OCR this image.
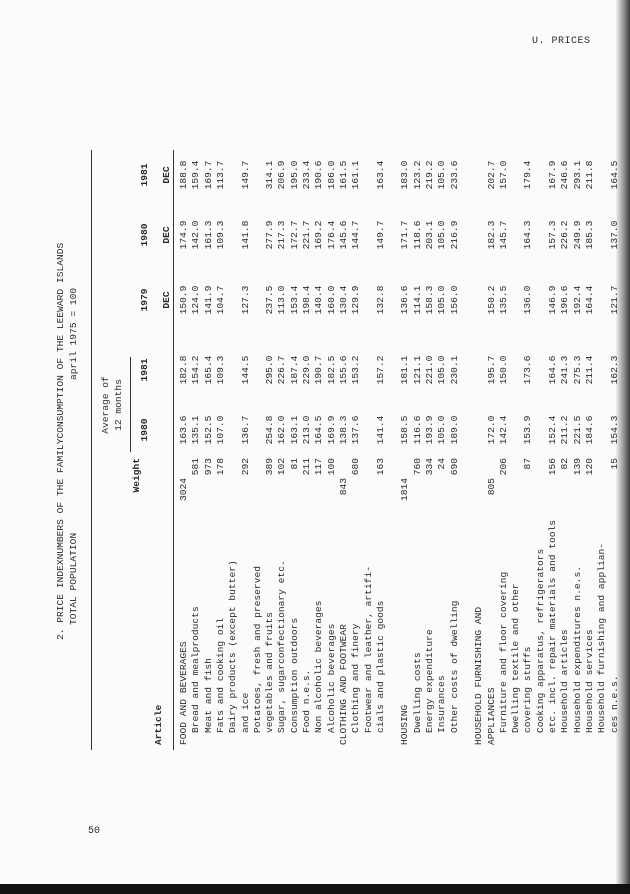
U. PRICES
50
2. PRICE INDEXNUMBERS OF THE FAMILYCONSUMPTION OF THE LEEWARD ISLANDS TOTAL POPULATION
april 1975 = 100
Average of 12 months
Article
Weight
1980
1981
1979
1980
1981
DEC
DEC
DEC
FOOD AND BEVERAGES
3024
163.6
182.8
150.9
174.9
188.8
Bread and mealproducts
581
135.1
154.2
124.0
142.0
159.4
Meat and fish
973
152.5
165.4
141.9
161.3
169.7
Fats and cooking oil
178
107.0
109.3
104.7
109.3
113.7
Dairy products (except butter) and ice
292
136.7
144.5
127.3
141.8
149.7
Potatoes, fresh and preserved vegetables and fruits
389
254.8
295.0
237.5
277.9
314.1
Sugar, sugarconfectionary etc.
102
162.0
226.7
113.0
217.3
206.9
Consumption outdoors
81
163.1
187.4
153.4
172.7
195.0
Food n.e.s.
211
213.0
229.0
198.4
221.7
233.4
Non alcoholic beverages
117
164.5
190.7
140.4
169.2
190.6
Alcoholic beverages
100
169.9
182.5
160.0
176.4
186.0
CLOTHING AND FOOTWEAR
843
138.3
155.6
130.4
145.6
161.5
Clothing and finery
680
137.6
153.2
129.9
144.7
161.1
Footwear and leather, artifi- cials and plastic goods
163
141.4
157.2
132.8
149.7
163.4
HOUSING
1814
158.5
181.1
136.6
171.7
183.0
Dwelling costs
760
116.6
121.1
114.1
118.6
123.2
Energy expenditure
334
193.9
221.0
158.3
203.1
219.2
Insurances
24
105.0
105.0
105.0
105.0
105.0
Other costs of dwelling
690
189.0
230.1
156.0
216.9
233.6
HOUSEHOLD FURNISHING AND APPLIANCES
805
172.0
195.7
150.2
182.3
202.7
Furniture and floor covering
206
142.4
150.0
135.5
145.7
157.0
Dwelling textile and other covering stuffs
87
153.9
173.6
136.0
164.3
179.4
Cooking apparatus, refrigerators etc. incl. repair materials and tools
156
152.4
164.6
146.9
157.3
167.9
Household articles
82
211.2
241.3
196.6
226.2
246.6
Household expenditures n.e.s.
139
221.5
275.3
192.4
249.9
293.1
Household services
120
184.6
211.4
164.4
185.3
211.8
Household furnishing and applian- ces n.e.s.
15
154.3
162.3
121.7
137.0
164.5
